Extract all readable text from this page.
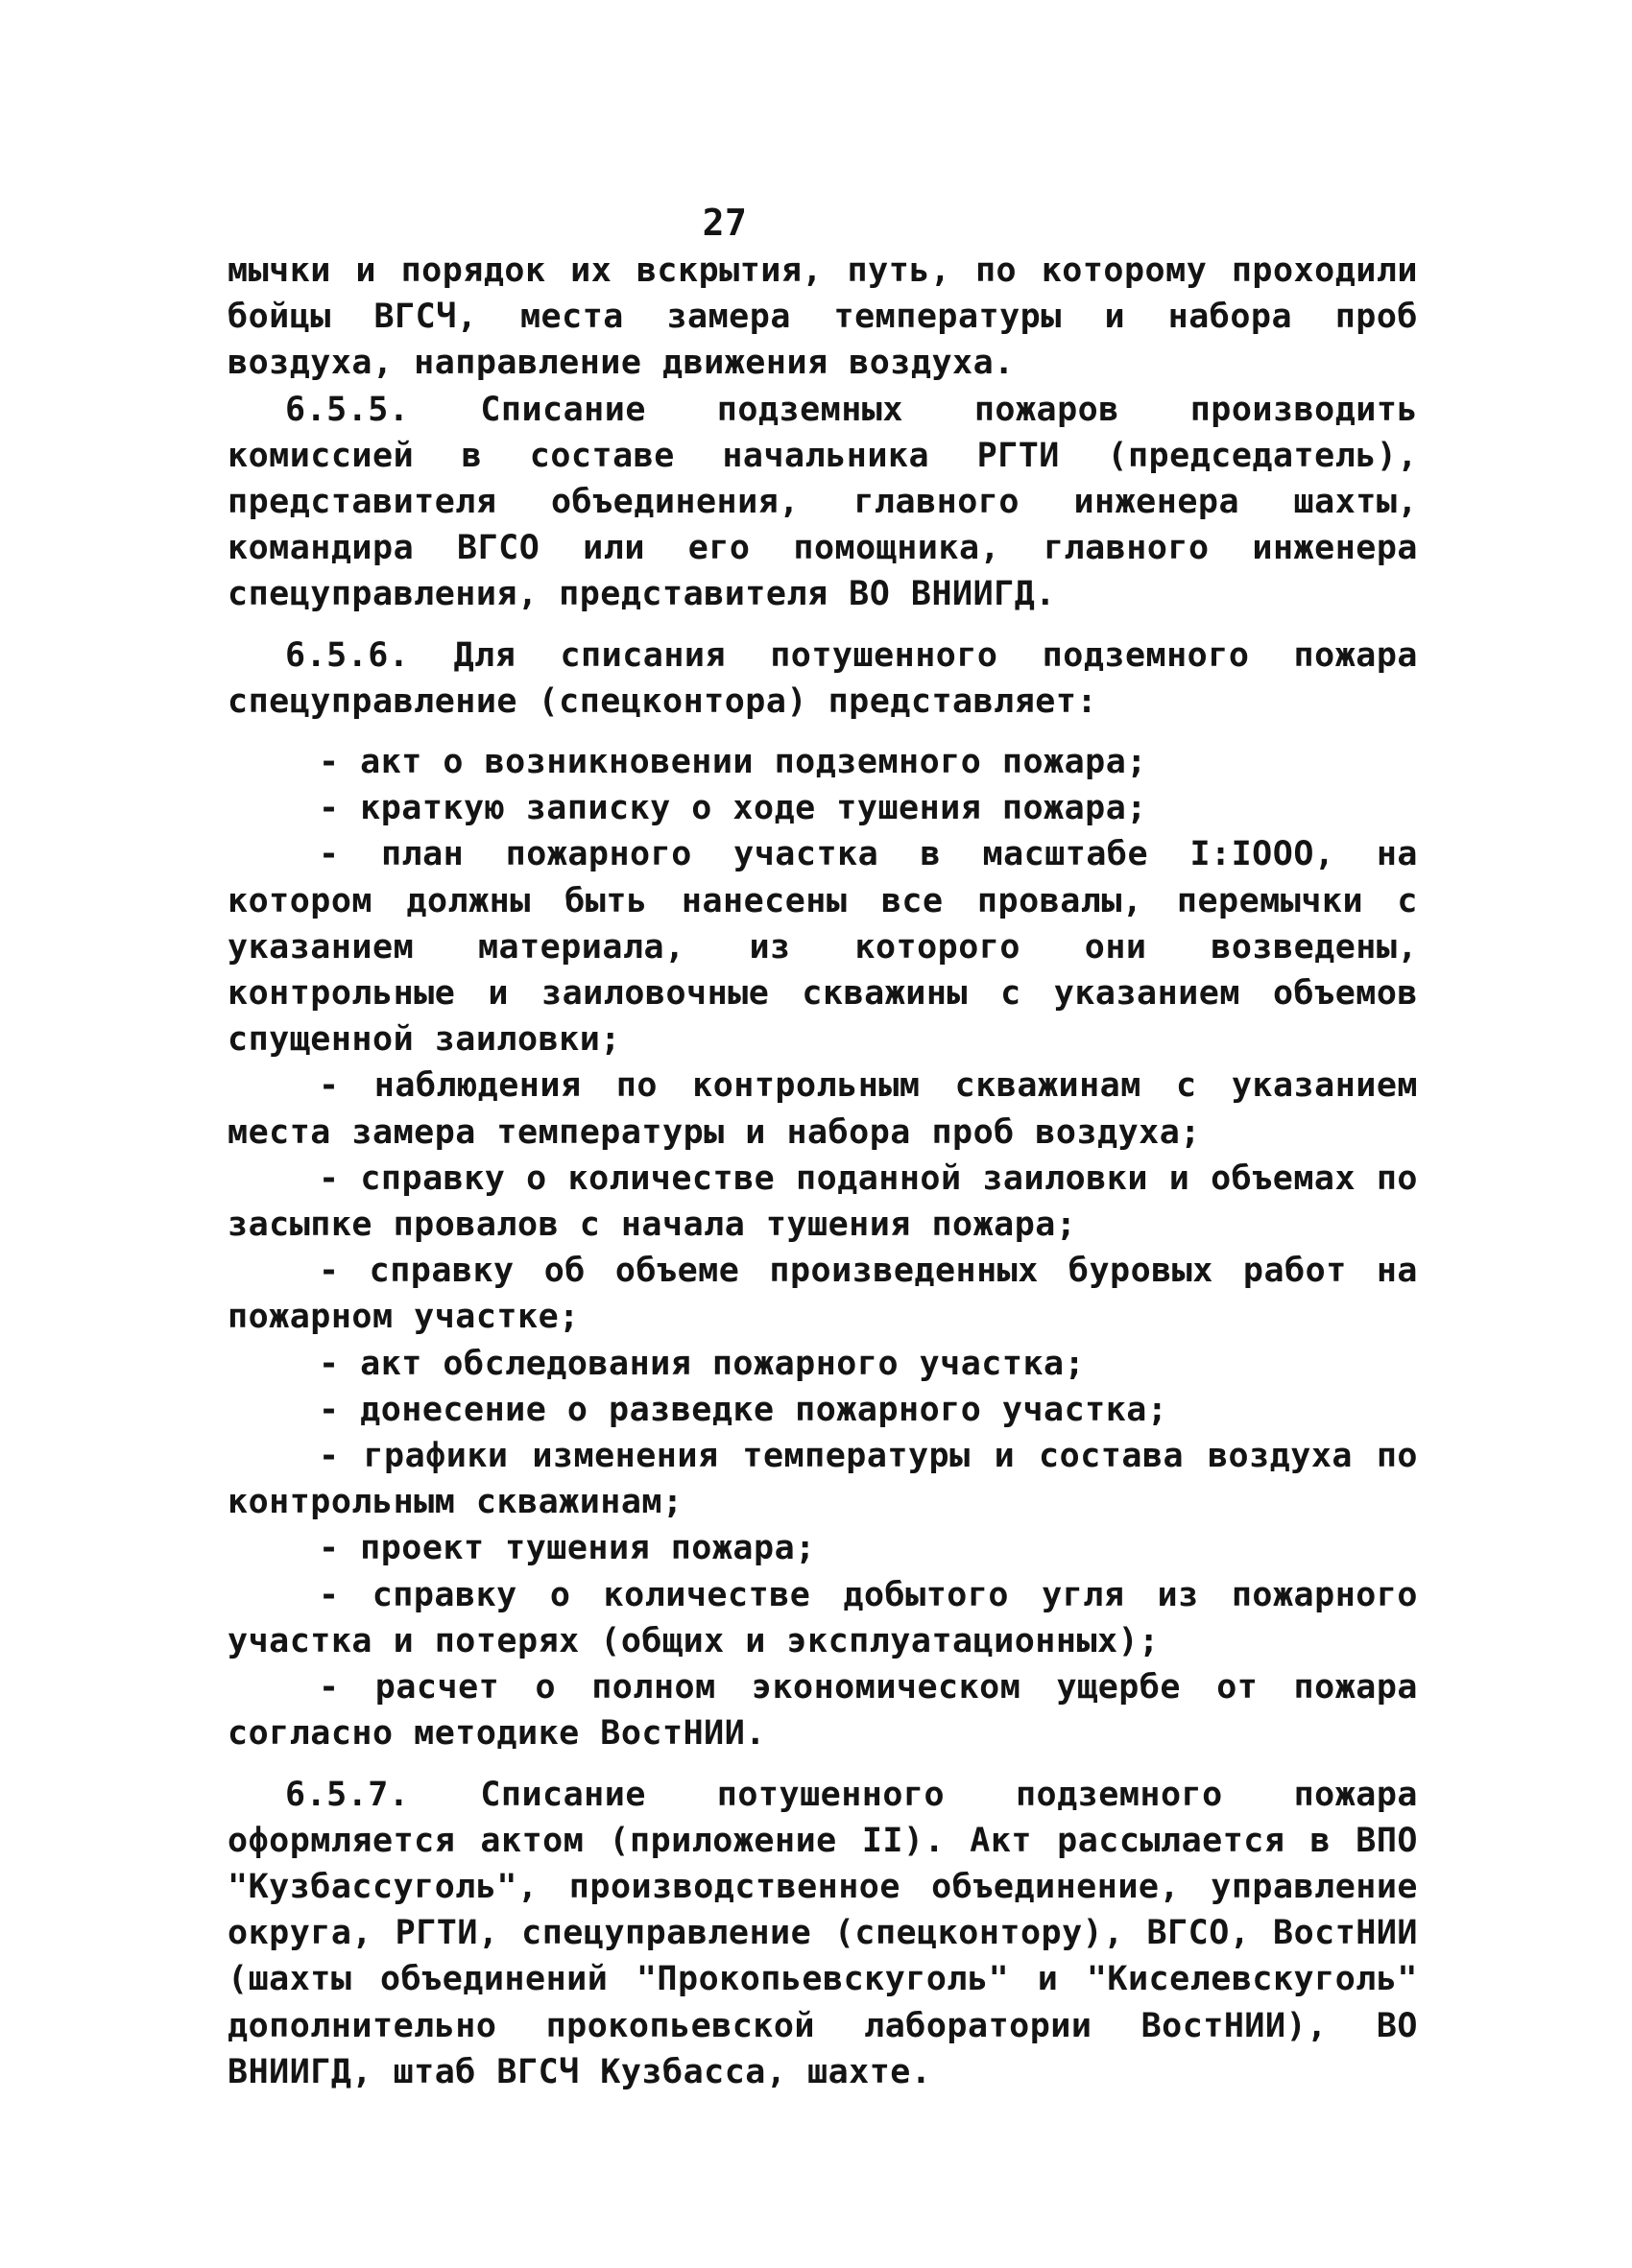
27

мычки и порядок их вскрытия, путь, по которому проходили бойцы ВГСЧ, места замера температуры и набора проб воздуха, направление движения воздуха.

6.5.5. Списание подземных пожаров производить комиссией в составе начальника РГТИ (председатель), представителя объединения, главного инженера шахты, командира ВГСО или его помощника, главного инженера спецуправления, представителя ВО ВНИИГД.

6.5.6. Для списания потушенного подземного пожара спецуправление (спецконтора) представляет:

- акт о возникновении подземного пожара;

- краткую записку о ходе тушения пожара;

- план пожарного участка в масштабе I:IOOO, на котором должны быть нанесены все провалы, перемычки с указанием материала, из которого они возведены, контрольные и заиловочные скважины с указанием объемов спущенной заиловки;

- наблюдения по контрольным скважинам с указанием места замера температуры и набора проб воздуха;

- справку о количестве поданной заиловки и объемах по засыпке провалов с начала тушения пожара;

- справку об объеме произведенных буровых работ на пожарном участке;

- акт обследования пожарного участка;

- донесение о разведке пожарного участка;

- графики изменения температуры и состава воздуха по контрольным скважинам;

- проект тушения пожара;

- справку о количестве добытого угля из пожарного участка и потерях (общих и эксплуатационных);

- расчет о полном экономическом ущербе от пожара согласно методике ВостНИИ.

6.5.7. Списание потушенного подземного пожара оформляется актом (приложение II). Акт рассылается в ВПО "Кузбассуголь", производственное объединение, управление округа, РГТИ, спецуправление (спецконтору), ВГСО, ВостНИИ (шахты объединений "Прокопьевскуголь" и "Киселевскуголь" дополнительно прокопьевской лаборатории ВостНИИ), ВО ВНИИГД, штаб ВГСЧ Кузбасса, шахте.
